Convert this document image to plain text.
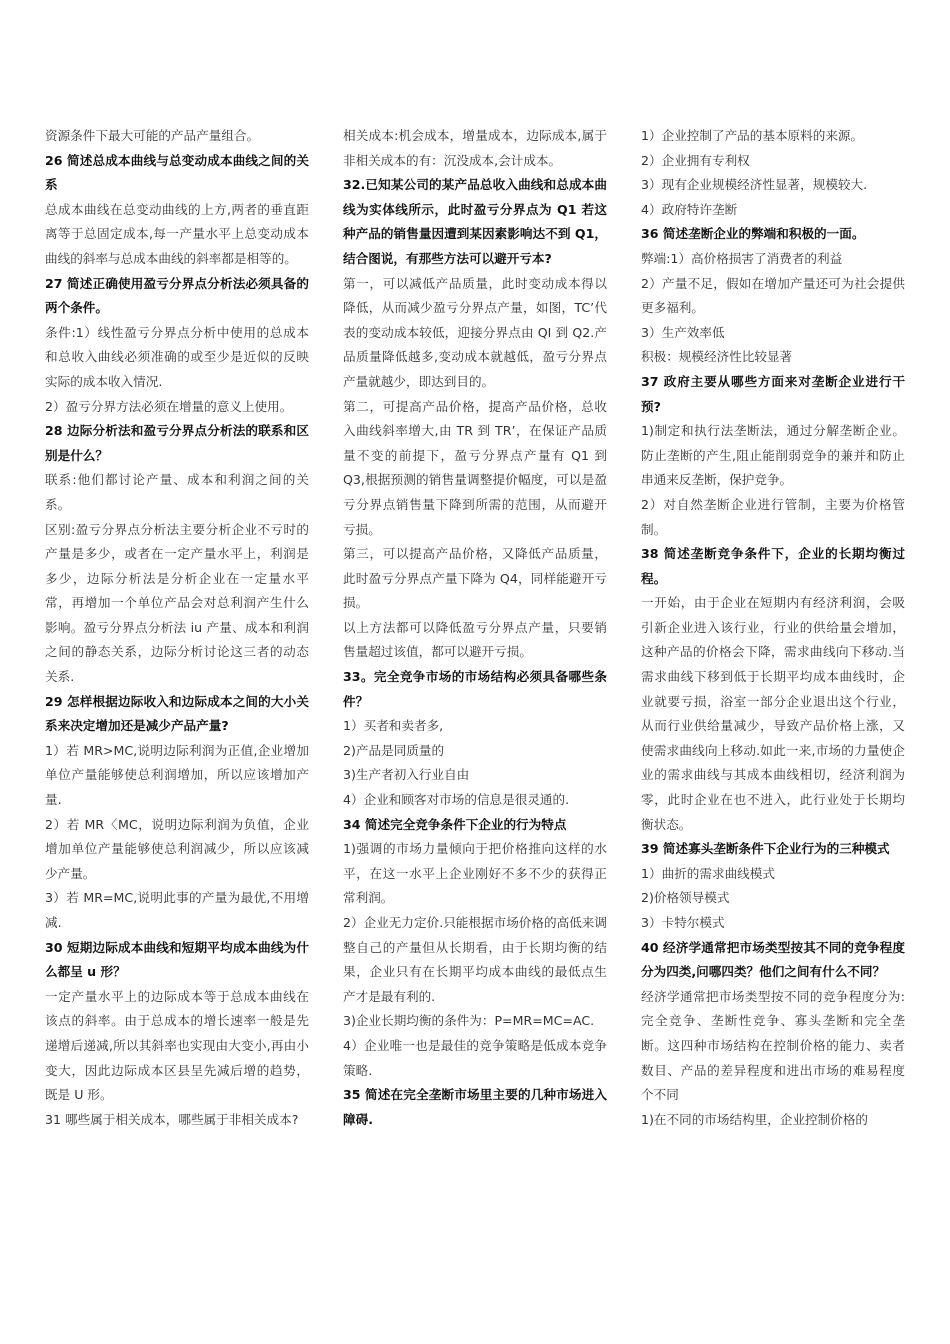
资源条件下最大可能的产品产量组合。

26 简述总成本曲线与总变动成本曲线之间的关系

总成本曲线在总变动曲线的上方,两者的垂直距离等于总固定成本,每一产量水平上总变动成本曲线的斜率与总成本曲线的斜率都是相等的。

27 简述正确使用盈亏分界点分析法必须具备的两个条件。

条件:1）线性盈亏分界点分析中使用的总成本和总收入曲线必须准确的或至少是近似的反映实际的成本收入情况.

2）盈亏分界方法必须在增量的意义上使用。

28 边际分析法和盈亏分界点分析法的联系和区别是什么？

联系:他们都讨论产量、成本和利润之间的关系。

区别:盈亏分界点分析法主要分析企业不亏时的产量是多少，或者在一定产量水平上，利润是多少，边际分析法是分析企业在一定量水平常，再增加一个单位产品会对总利润产生什么影响。盈亏分界点分析法 iu 产量、成本和利润之间的静态关系，边际分析讨论这三者的动态关系.

29 怎样根据边际收入和边际成本之间的大小关系来决定增加还是减少产品产量?

1）若 MR>MC,说明边际利润为正值,企业增加单位产量能够使总利润增加，所以应该增加产量.

2）若 MR〈MC，说明边际利润为负值，企业增加单位产量能够使总利润减少，所以应该减少产量。

3）若 MR=MC,说明此事的产量为最优,不用增减.

30 短期边际成本曲线和短期平均成本曲线为什么都呈 u 形？

一定产量水平上的边际成本等于总成本曲线在该点的斜率。由于总成本的增长速率一般是先递增后递减,所以其斜率也实现由大变小,再由小变大，因此边际成本区县呈先减后增的趋势，既是 U 形。

31 哪些属于相关成本，哪些属于非相关成本?

相关成本:机会成本，增量成本，边际成本,属于非相关成本的有：沉没成本,会计成本。

32.已知某公司的某产品总收入曲线和总成本曲线为实体线所示，此时盈亏分界点为 Q1 若这种产品的销售量因遭到某因素影响达不到 Q1，结合图说，有那些方法可以避开亏本?

第一，可以减低产品质量，此时变动成本得以降低，从而减少盈亏分界点产量，如图，TC’代表的变动成本较低，迎接分界点由 QI 到 Q2.产品质量降低越多,变动成本就越低，盈亏分界点产量就越少，即达到目的。

第二，可提高产品价格，提高产品价格，总收入曲线斜率增大,由 TR 到 TR’，在保证产品质量不变的前提下，盈亏分界点产量有 Q1 到 Q3,根据预测的销售量调整提价幅度，可以是盈亏分界点销售量下降到所需的范围，从而避开亏损。

第三，可以提高产品价格，又降低产品质量，此时盈亏分界点产量下降为 Q4，同样能避开亏损。

以上方法都可以降低盈亏分界点产量，只要销售量超过该值，都可以避开亏损。

33。完全竞争市场的市场结构必须具备哪些条件？

1）买者和卖者多,

2)产品是同质量的

3)生产者初入行业自由

4）企业和顾客对市场的信息是很灵通的.

34 简述完全竞争条件下企业的行为特点

1)强调的市场力量倾向于把价格推向这样的水平，在这一水平上企业刚好不多不少的获得正常利润。

2）企业无力定价.只能根据市场价格的高低来调整自己的产量但从长期看，由于长期均衡的结果，企业只有在长期平均成本曲线的最低点生产才是最有利的.

3)企业长期均衡的条件为：P=MR=MC=AC.

4）企业唯一也是最佳的竞争策略是低成本竞争策略.

35 简述在完全垄断市场里主要的几种市场进入障碍.

1）企业控制了产品的基本原料的来源。

2）企业拥有专利权

3）现有企业规模经济性显著，规模较大.

4）政府特许垄断

36 简述垄断企业的弊端和积极的一面。

弊端:1）高价格损害了消费者的利益

2）产量不足，假如在增加产量还可为社会提供更多福利。

3）生产效率低

积极：规模经济性比较显著

37 政府主要从哪些方面来对垄断企业进行干预?

1)制定和执行法垄断法，通过分解垄断企业。防止垄断的产生,阻止能削弱竞争的兼并和防止串通来反垄断，保护竞争。

2）对自然垄断企业进行管制，主要为价格管制。

38 简述垄断竞争条件下，企业的长期均衡过程。

一开始，由于企业在短期内有经济利润，会吸引新企业进入该行业，行业的供给量会增加，这种产品的价格会下降，需求曲线向下移动.当需求曲线下移到低于长期平均成本曲线时，企业就要亏损，浴室一部分企业退出这个行业，从而行业供给量减少，导致产品价格上涨，又使需求曲线向上移动.如此一来,市场的力量使企业的需求曲线与其成本曲线相切，经济利润为零，此时企业在也不进入，此行业处于长期均衡状态。

39 简述寡头垄断条件下企业行为的三种模式

1）曲折的需求曲线模式

2)价格领导模式

3）卡特尔模式

40 经济学通常把市场类型按其不同的竞争程度分为四类,问哪四类？他们之间有什么不同？

经济学通常把市场类型按不同的竞争程度分为:完全竞争、垄断性竞争、寡头垄断和完全垄断。这四种市场结构在控制价格的能力、卖者数目、产品的差异程度和进出市场的难易程度个不同

1)在不同的市场结构里，企业控制价格的
